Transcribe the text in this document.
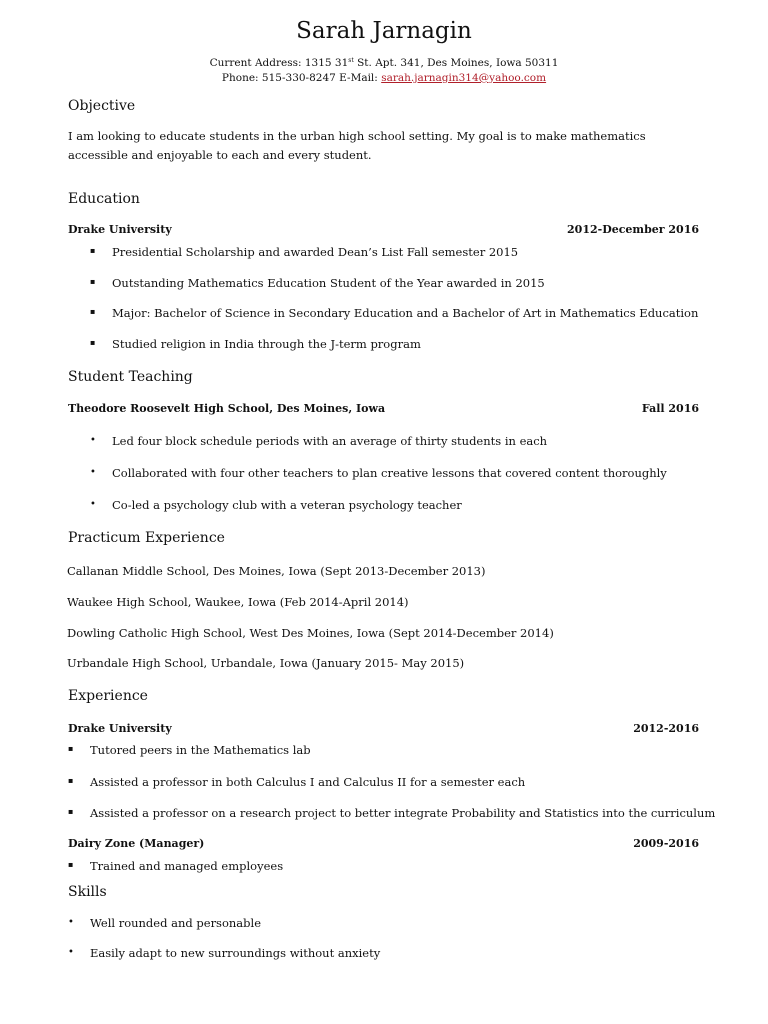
Sarah Jarnagin
Current Address: 1315 31st St. Apt. 341, Des Moines, Iowa 50311
Phone: 515-330-8247 E-Mail: sarah.jarnagin314@yahoo.com
Objective
I am looking to educate students in the urban high school setting. My goal is to make mathematics accessible and enjoyable to each and every student.
Education
Drake University	2012-December 2016
▪ Presidential Scholarship and awarded Dean’s List Fall semester 2015
▪ Outstanding Mathematics Education Student of the Year awarded in 2015
▪ Major: Bachelor of Science in Secondary Education and a Bachelor of Art in Mathematics Education
▪ Studied religion in India through the J-term program
Student Teaching
Theodore Roosevelt High School, Des Moines, Iowa	Fall 2016
• Led four block schedule periods with an average of thirty students in each
• Collaborated with four other teachers to plan creative lessons that covered content thoroughly
• Co-led a psychology club with a veteran psychology teacher
Practicum Experience
Callanan Middle School, Des Moines, Iowa (Sept 2013-December 2013)
Waukee High School, Waukee, Iowa (Feb 2014-April 2014)
Dowling Catholic High School, West Des Moines, Iowa (Sept 2014-December 2014)
Urbandale High School, Urbandale, Iowa (January 2015- May 2015)
Experience
Drake University	2012-2016
▪ Tutored peers in the Mathematics lab
▪ Assisted a professor in both Calculus I and Calculus II for a semester each
▪ Assisted a professor on a research project to better integrate Probability and Statistics into the curriculum
Dairy Zone (Manager)	2009-2016
▪ Trained and managed employees
Skills
• Well rounded and personable
• Easily adapt to new surroundings without anxiety
